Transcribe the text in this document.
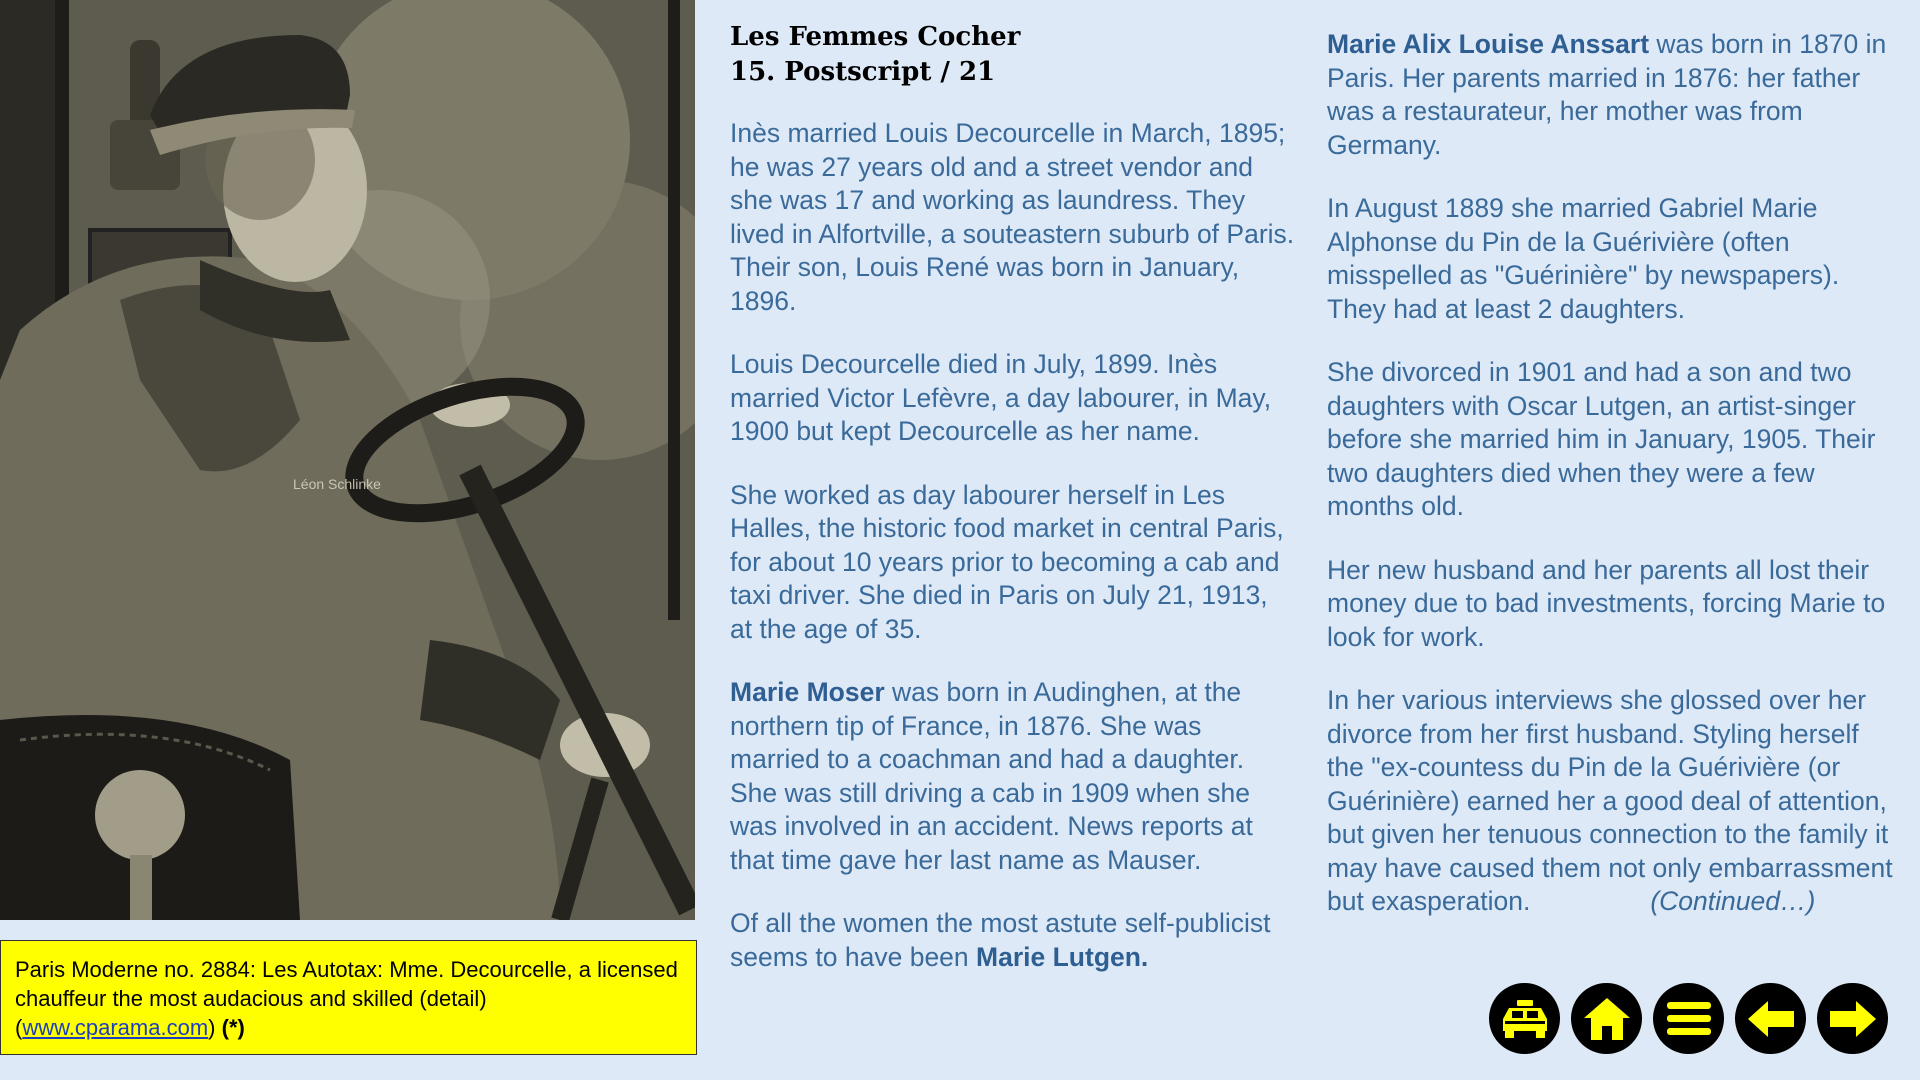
Léon Schlinke
Paris Moderne no. 2884: Les Autotax: Mme. Decourcelle, a licensed chauffeur the most audacious and skilled (detail) (www.cparama.com) (*)
Les Femmes Cocher
15. Postscript / 21

Inès married Louis Decourcelle in March, 1895; he was 27 years old and a street vendor and she was 17 and working as laundress. They lived in Alfortville, a souteastern suburb of Paris. Their son, Louis René was born in January, 1896.

Louis Decourcelle died in July, 1899. Inès married Victor Lefèvre, a day labourer, in May, 1900 but kept Decourcelle as her name.

She worked as day labourer herself in Les Halles, the historic food market in central Paris, for about 10 years prior to becoming a cab and taxi driver. She died in Paris on July 21, 1913, at the age of 35.

Marie Moser was born in Audinghen, at the northern tip of France, in 1876. She was married to a coachman and had a daughter. She was still driving a cab in 1909 when she was involved in an accident. News reports at that time gave her last name as Mauser.

Of all the women the most astute self-publicist seems to have been Marie Lutgen.

Marie Alix Louise Anssart was born in 1870 in Paris. Her parents married in 1876: her father was a restaurateur, her mother was from Germany.

In August 1889 she married Gabriel Marie Alphonse du Pin de la Guérivière (often misspelled as "Guérinière" by newspapers). They had at least 2 daughters.

She divorced in 1901 and had a son and two daughters with Oscar Lutgen, an artist-singer before she married him in January, 1905. Their two daughters died when they were a few months old.

Her new husband and her parents all lost their money due to bad investments, forcing Marie to look for work.

In her various interviews she glossed over her divorce from her first husband. Styling herself the "ex-countess du Pin de la Guérivière (or Guérinière) earned her a good deal of attention, but given her tenuous connection to the family it may have caused them not only embarrassment but exasperation.	(Continued…)
